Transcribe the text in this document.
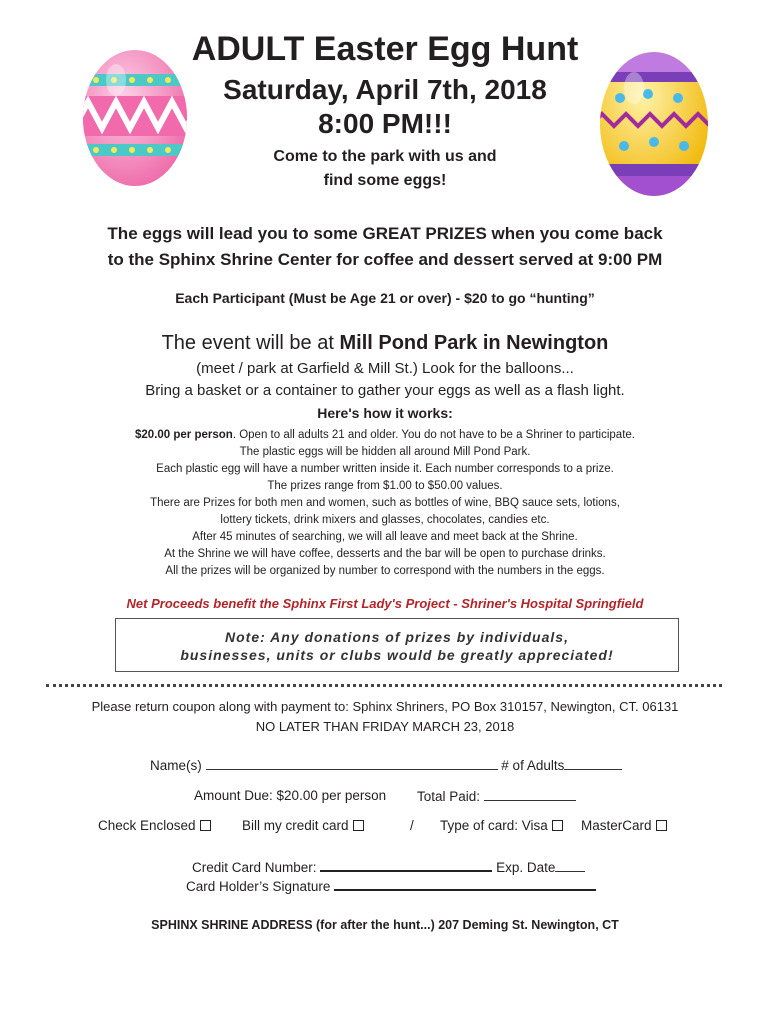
ADULT Easter Egg Hunt
Saturday, April 7th, 2018
8:00 PM!!!
Come to the park with us and
find some eggs!
The eggs will lead you to some GREAT PRIZES when you come back
to the Sphinx Shrine Center for coffee and dessert served at 9:00 PM
Each Participant (Must be Age 21 or over) - $20 to go “hunting”
The event will be at Mill Pond Park in Newington
(meet / park at Garfield & Mill St.) Look for the balloons...
Bring a basket or a container to gather your eggs as well as a flash light.
Here's how it works:
$20.00 per person. Open to all adults 21 and older. You do not have to be a Shriner to participate.
The plastic eggs will be hidden all around Mill Pond Park.
Each plastic egg will have a number written inside it. Each number corresponds to a prize.
The prizes range from $1.00 to $50.00 values.
There are Prizes for both men and women, such as bottles of wine, BBQ sauce sets, lotions,
lottery tickets, drink mixers and glasses, chocolates, candies etc.
After 45 minutes of searching, we will all leave and meet back at the Shrine.
At the Shrine we will have coffee, desserts and the bar will be open to purchase drinks.
All the prizes will be organized by number to correspond with the numbers in the eggs.
Net Proceeds benefit the Sphinx First Lady's Project - Shriner's Hospital Springfield
Note: Any donations of prizes by individuals,
businesses, units or clubs would be greatly appreciated!
Please return coupon along with payment to: Sphinx Shriners, PO Box 310157, Newington, CT. 06131
NO LATER THAN FRIDAY MARCH 23, 2018
Name(s)	# of Adults
Amount Due: $20.00 per person Total Paid:
Check Enclosed	Bill my credit card	/ Type of card: Visa	MasterCard
Credit Card Number:	Exp. Date
Card Holder’s Signature
SPHINX SHRINE ADDRESS (for after the hunt...) 207 Deming St. Newington, CT
